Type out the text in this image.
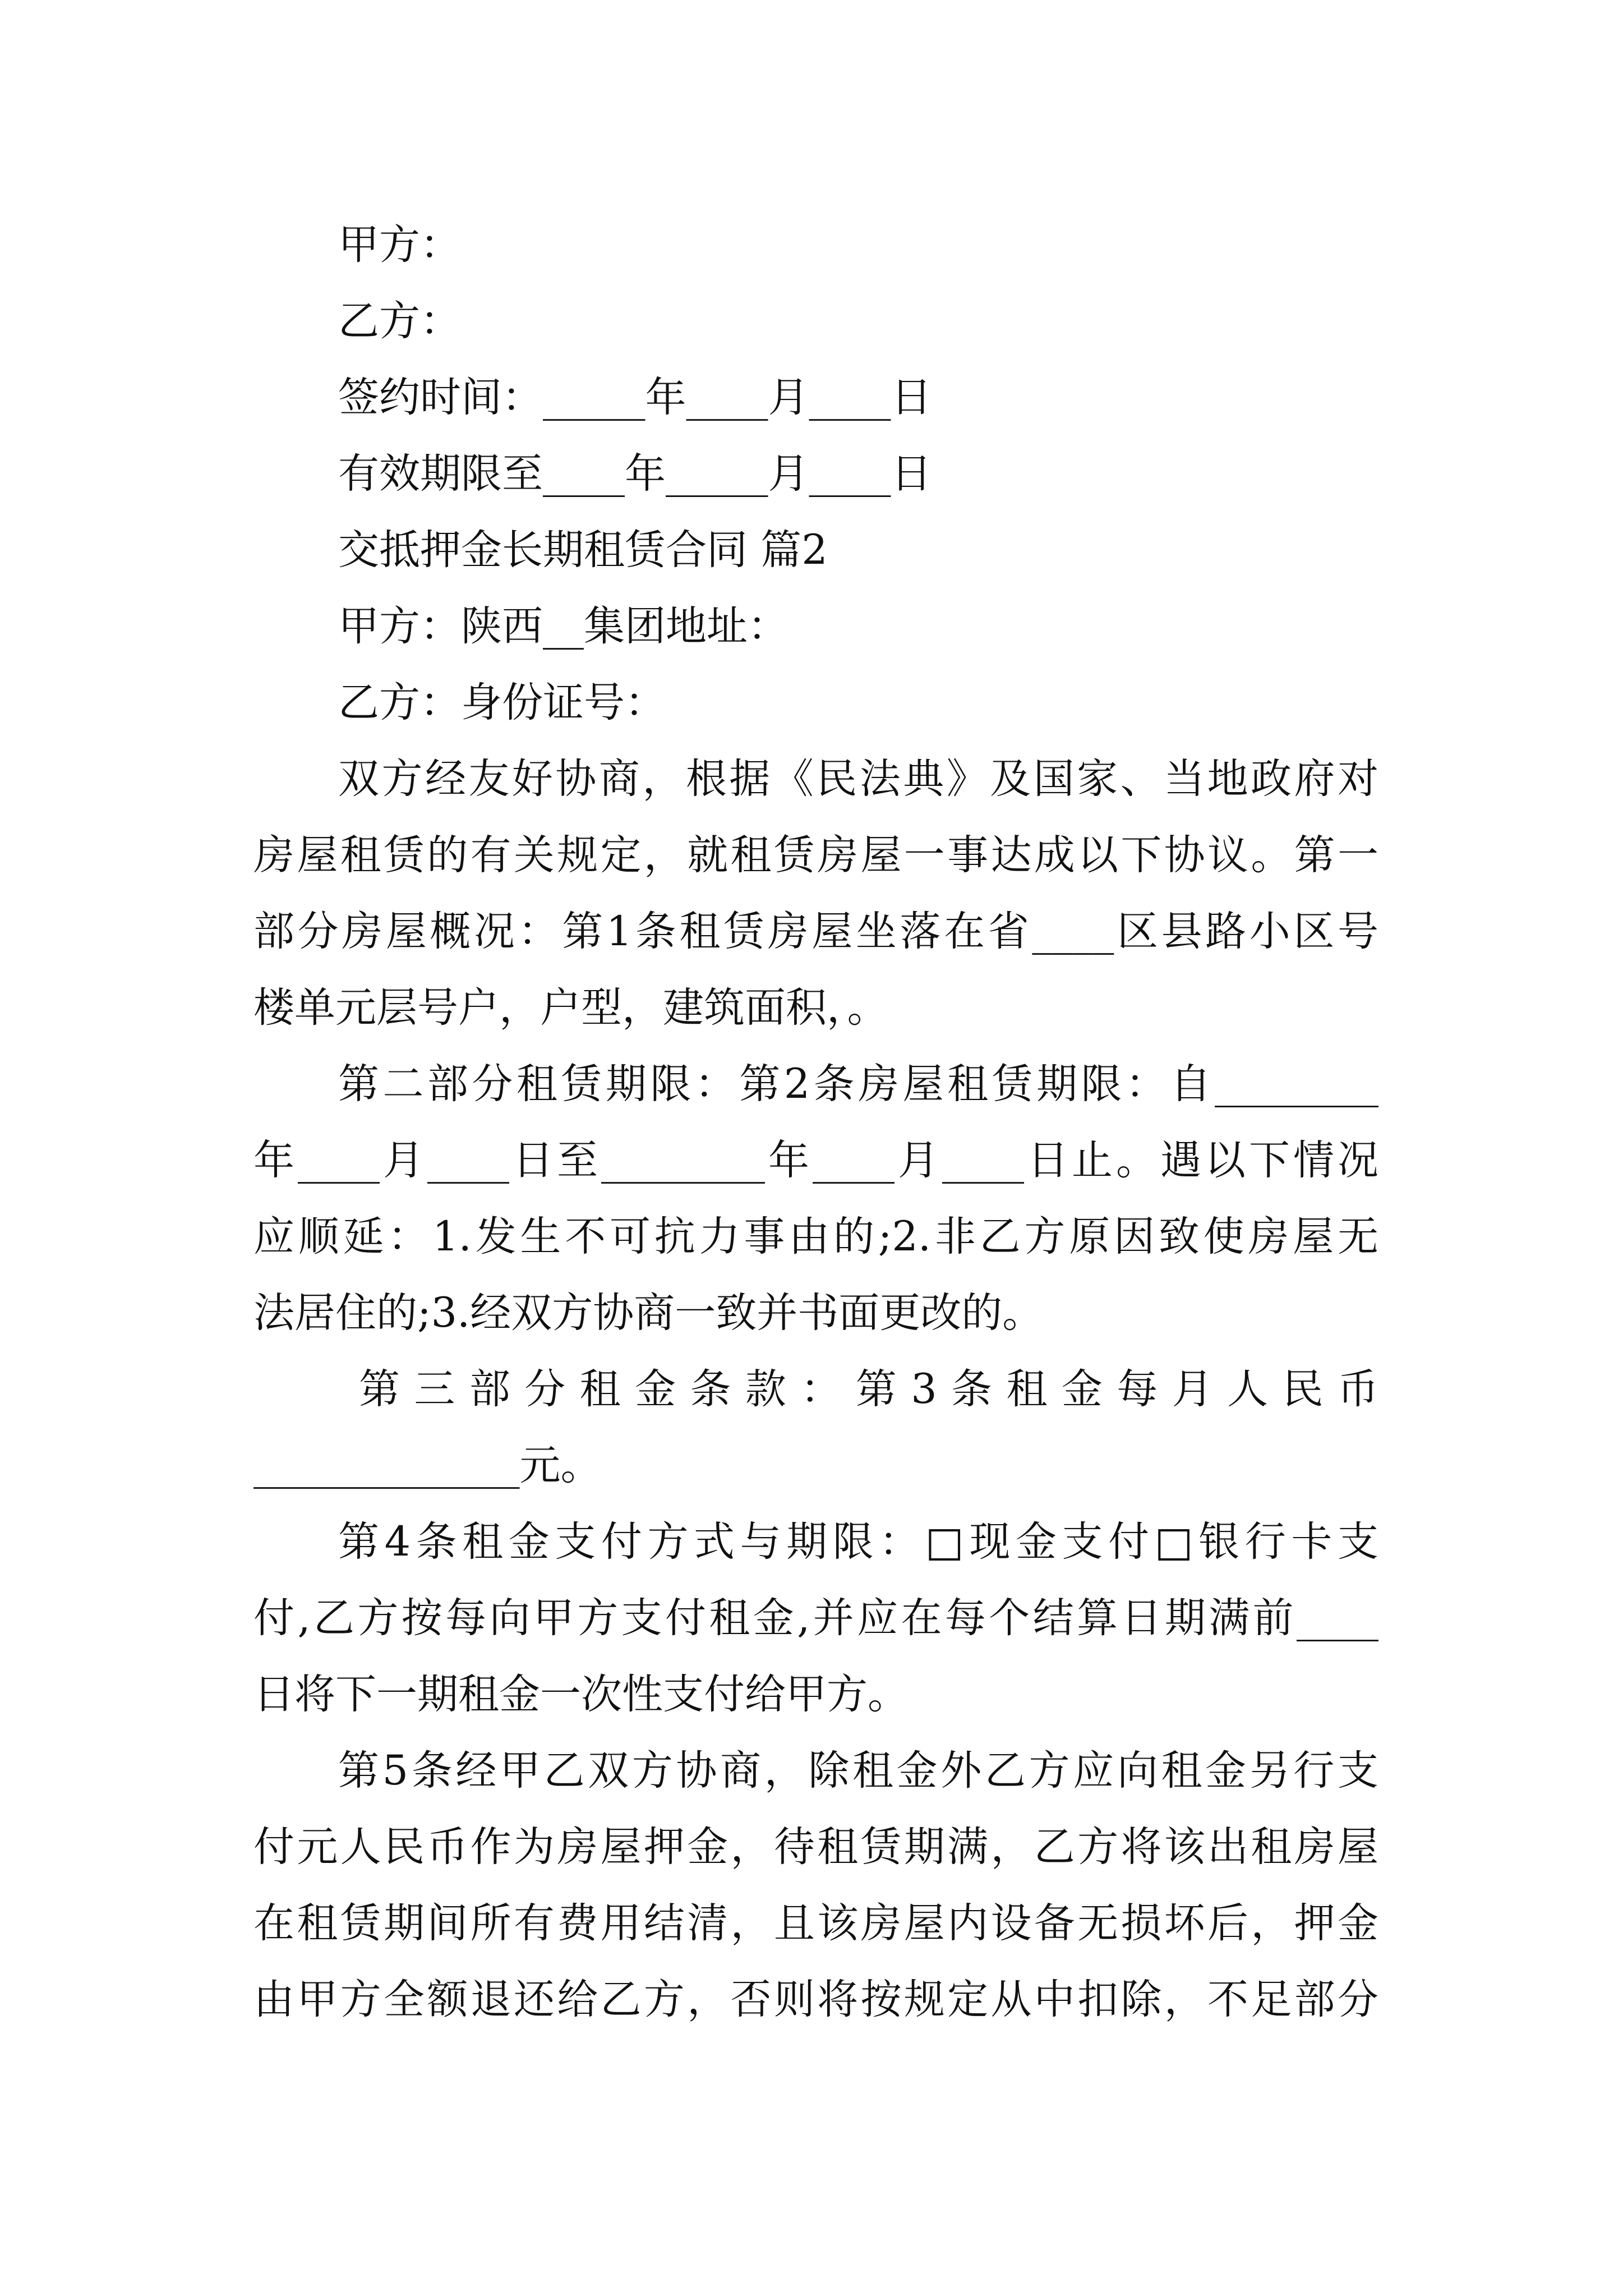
甲方：
乙方：
签约时间：_____年____月____日
有效期限至____年_____月____日
交抵押金长期租赁合同 篇2
甲方：陕西__集团地址：
乙方：身份证号：
双方经友好协商，根据《民法典》及国家、当地政府对
房屋租赁的有关规定，就租赁房屋一事达成以下协议。第一
部分房屋概况：第1条租赁房屋坐落在省____区县路小区号
楼单元层号户，户型，建筑面积，。
第二部分租赁期限：第2条房屋租赁期限：自________
年____月____日至________年____月____日止。遇以下情况
应顺延：1.发生不可抗力事由的;2.非乙方原因致使房屋无
法居住的;3.经双方协商一致并书面更改的。
第三部分租金条款：第3条租金每月人民币
_____________元。
第4条租金支付方式与期限：□现金支付□银行卡支
付,乙方按每向甲方支付租金,并应在每个结算日期满前____
日将下一期租金一次性支付给甲方。
第5条经甲乙双方协商，除租金外乙方应向租金另行支
付元人民币作为房屋押金，待租赁期满，乙方将该出租房屋
在租赁期间所有费用结清，且该房屋内设备无损坏后，押金
由甲方全额退还给乙方，否则将按规定从中扣除，不足部分
